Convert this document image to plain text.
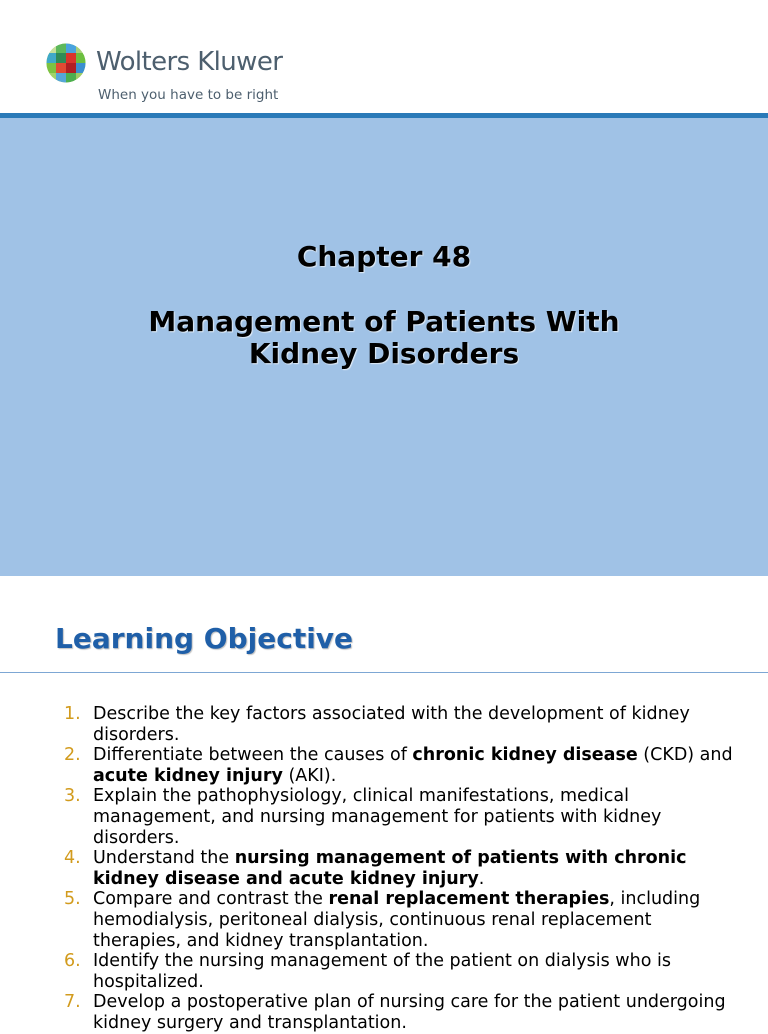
Wolters Kluwer
When you have to be right
Chapter 48
Management of Patients With
Kidney Disorders
Learning Objective
1. Describe the key factors associated with the development of kidney disorders.
2. Differentiate between the causes of chronic kidney disease (CKD) and acute kidney injury (AKI).
3. Explain the pathophysiology, clinical manifestations, medical management, and nursing management for patients with kidney disorders.
4. Understand the nursing management of patients with chronic kidney disease and acute kidney injury.
5. Compare and contrast the renal replacement therapies, including hemodialysis, peritoneal dialysis, continuous renal replacement therapies, and kidney transplantation.
6. Identify the nursing management of the patient on dialysis who is hospitalized.
7. Develop a postoperative plan of nursing care for the patient undergoing kidney surgery and transplantation.
